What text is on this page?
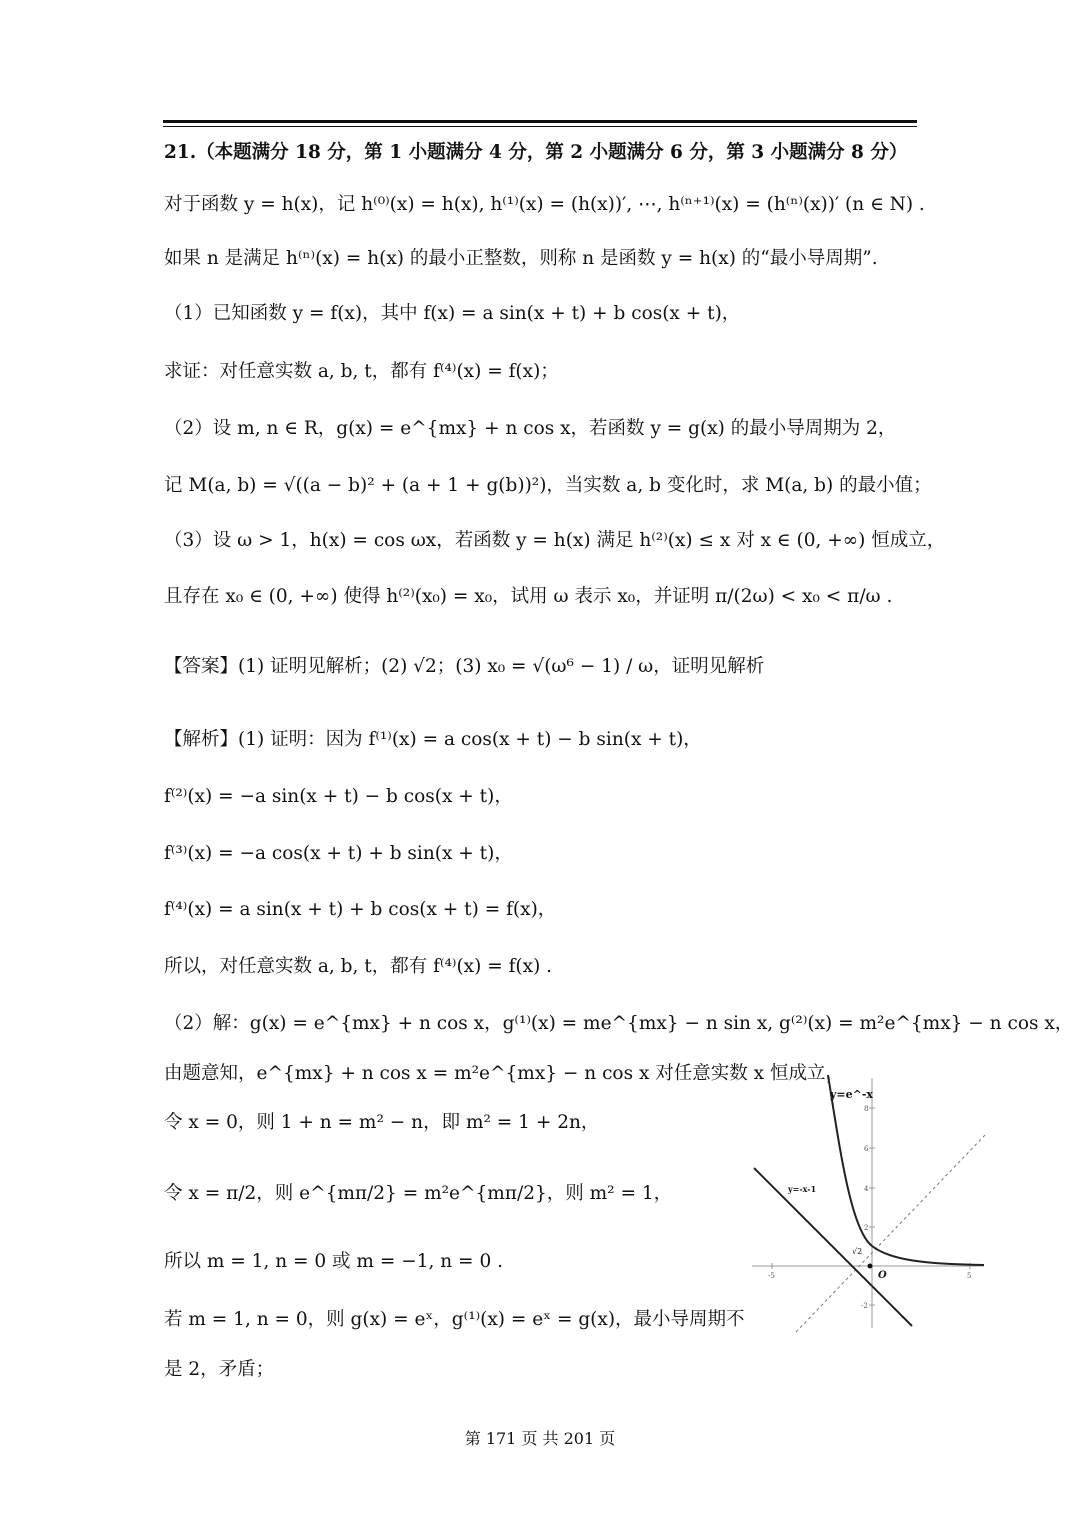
21.（本题满分 18 分，第 1 小题满分 4 分，第 2 小题满分 6 分，第 3 小题满分 8 分）
对于函数 y = h(x)，记 h⁽⁰⁾(x) = h(x), h⁽¹⁾(x) = (h(x))′, ⋯, h⁽ⁿ⁺¹⁾(x) = (h⁽ⁿ⁾(x))′ (n ∈ N) .
如果 n 是满足 h⁽ⁿ⁾(x) = h(x) 的最小正整数，则称 n 是函数 y = h(x) 的“最小导周期”.
（1）已知函数 y = f(x)，其中 f(x) = a sin(x + t) + b cos(x + t)，
求证：对任意实数 a, b, t，都有 f⁽⁴⁾(x) = f(x)；
（2）设 m, n ∈ R，g(x) = e^{mx} + n cos x，若函数 y = g(x) 的最小导周期为 2，
记 M(a, b) = √((a − b)² + (a + 1 + g(b))²)，当实数 a, b 变化时，求 M(a, b) 的最小值；
（3）设 ω > 1，h(x) = cos ωx，若函数 y = h(x) 满足 h⁽²⁾(x) ≤ x 对 x ∈ (0, +∞) 恒成立，
且存在 x₀ ∈ (0, +∞) 使得 h⁽²⁾(x₀) = x₀，试用 ω 表示 x₀，并证明 π/(2ω) < x₀ < π/ω .
【答案】(1) 证明见解析；(2) √2；(3) x₀ = √(ω⁶ − 1) / ω，证明见解析
【解析】(1) 证明：因为 f⁽¹⁾(x) = a cos(x + t) − b sin(x + t)，
f⁽²⁾(x) = −a sin(x + t) − b cos(x + t)，
f⁽³⁾(x) = −a cos(x + t) + b sin(x + t)，
f⁽⁴⁾(x) = a sin(x + t) + b cos(x + t) = f(x)，
所以，对任意实数 a, b, t，都有 f⁽⁴⁾(x) = f(x) .
（2）解：g(x) = e^{mx} + n cos x，g⁽¹⁾(x) = me^{mx} − n sin x, g⁽²⁾(x) = m²e^{mx} − n cos x，
由题意知，e^{mx} + n cos x = m²e^{mx} − n cos x 对任意实数 x 恒成立，
令 x = 0，则 1 + n = m² − n，即 m² = 1 + 2n，
令 x = π/2，则 e^{mπ/2} = m²e^{mπ/2}，则 m² = 1，
所以 m = 1, n = 0 或 m = −1, n = 0 .
若 m = 1, n = 0，则 g(x) = eˣ，g⁽¹⁾(x) = eˣ = g(x)，最小导周期不
是 2，矛盾；
-5	5
8
6
4
2
-2
√2
O
y=e^-x
y=-x-1
第 171 页 共 201 页
